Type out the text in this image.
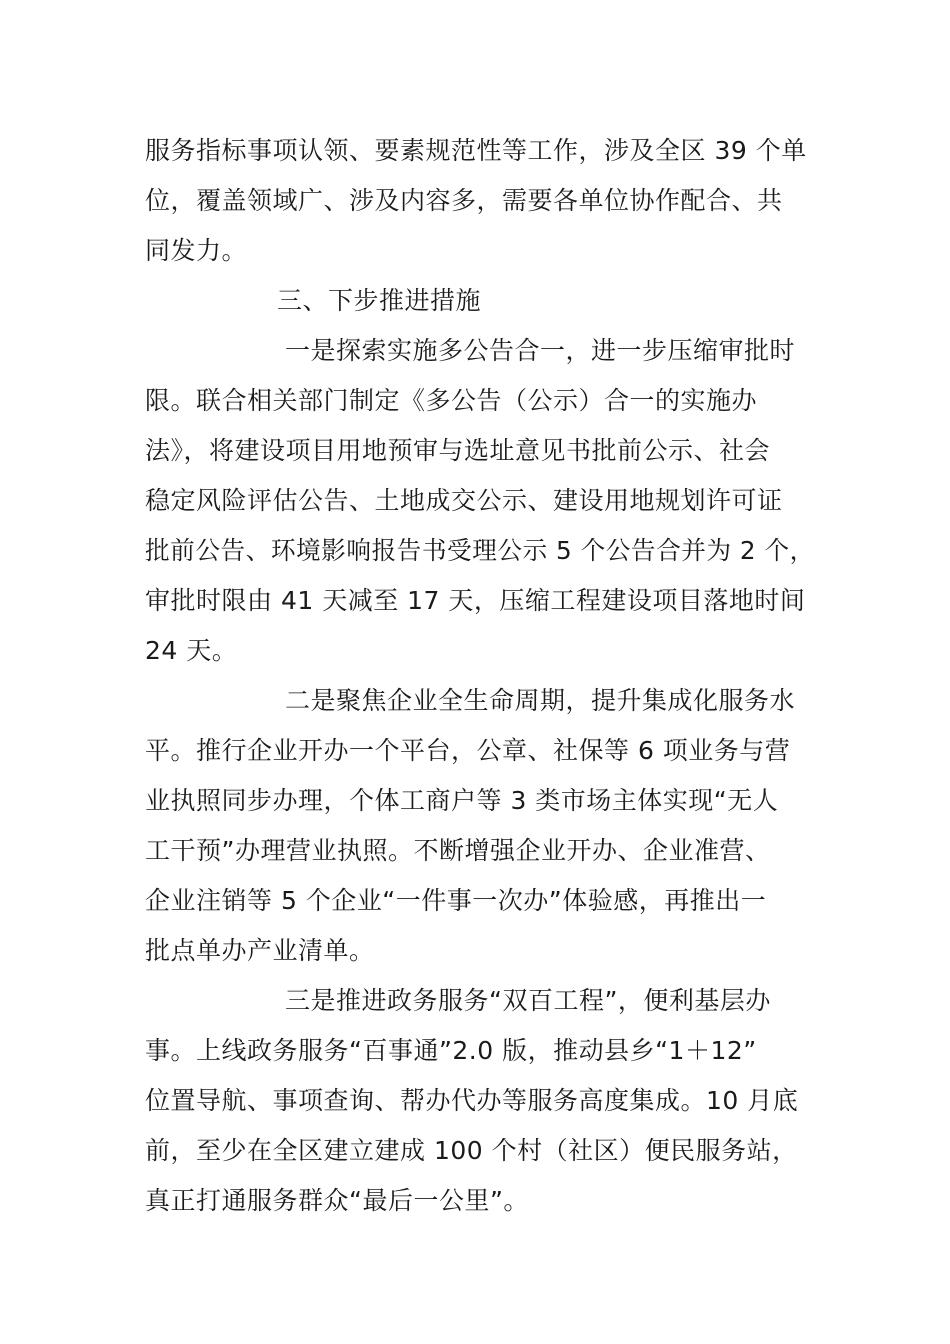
服务指标事项认领、要素规范性等工作，涉及全区 39 个单
位，覆盖领域广、涉及内容多，需要各单位协作配合、共
同发力。
三、下步推进措施
一是探索实施多公告合一，进一步压缩审批时
限。联合相关部门制定《多公告（公示）合一的实施办
法》，将建设项目用地预审与选址意见书批前公示、社会
稳定风险评估公告、土地成交公示、建设用地规划许可证
批前公告、环境影响报告书受理公示 5 个公告合并为 2 个，
审批时限由 41 天减至 17 天，压缩工程建设项目落地时间
24 天。
二是聚焦企业全生命周期，提升集成化服务水
平。推行企业开办一个平台，公章、社保等 6 项业务与营
业执照同步办理，个体工商户等 3 类市场主体实现“无人
工干预”办理营业执照。不断增强企业开办、企业准营、
企业注销等 5 个企业“一件事一次办”体验感，再推出一
批点单办产业清单。
三是推进政务服务“双百工程”，便利基层办
事。上线政务服务“百事通”2.0 版，推动县乡“1＋12”
位置导航、事项查询、帮办代办等服务高度集成。10 月底
前，至少在全区建立建成 100 个村（社区）便民服务站，
真正打通服务群众“最后一公里”。
